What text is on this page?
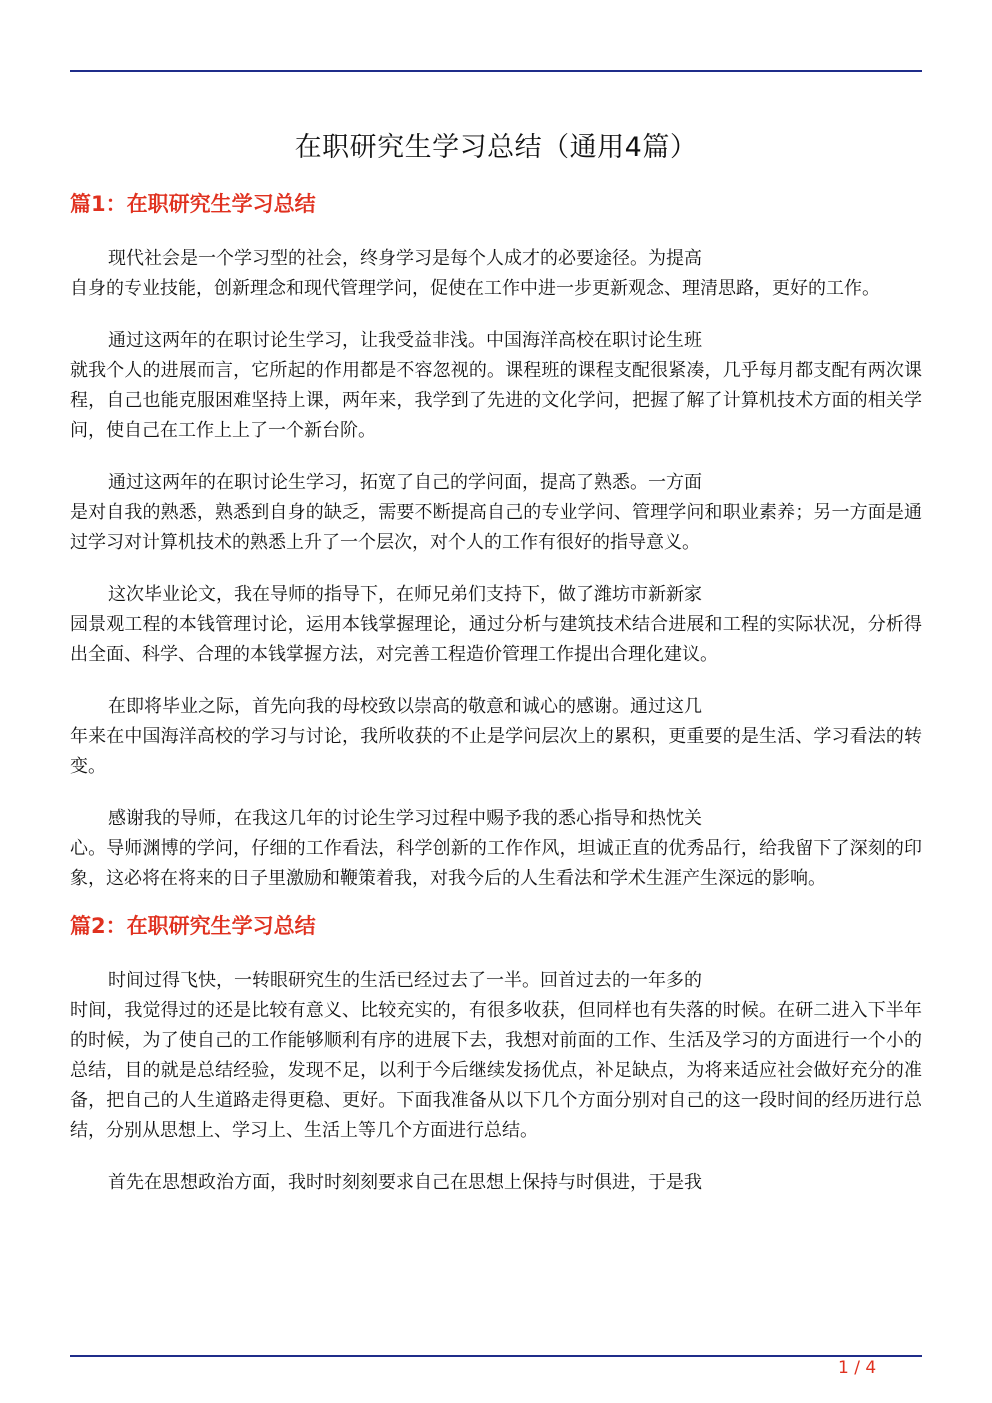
在职研究生学习总结（通用4篇）
篇1：在职研究生学习总结

现代社会是一个学习型的社会，终身学习是每个人成才的必要途径。为提高
自身的专业技能，创新理念和现代管理学问，促使在工作中进一步更新观念、理清思路，更好的工作。

通过这两年的在职讨论生学习，让我受益非浅。中国海洋高校在职讨论生班
就我个人的进展而言，它所起的作用都是不容忽视的。课程班的课程支配很紧凑，几乎每月都支配有两次课程，自己也能克服困难坚持上课，两年来，我学到了先进的文化学问，把握了解了计算机技术方面的相关学问，使自己在工作上上了一个新台阶。

通过这两年的在职讨论生学习，拓宽了自己的学问面，提高了熟悉。一方面
是对自我的熟悉，熟悉到自身的缺乏，需要不断提高自己的专业学问、管理学问和职业素养；另一方面是通过学习对计算机技术的熟悉上升了一个层次，对个人的工作有很好的指导意义。

这次毕业论文，我在导师的指导下，在师兄弟们支持下，做了潍坊市新新家
园景观工程的本钱管理讨论，运用本钱掌握理论，通过分析与建筑技术结合进展和工程的实际状况，分析得出全面、科学、合理的本钱掌握方法，对完善工程造价管理工作提出合理化建议。

在即将毕业之际，首先向我的母校致以崇高的敬意和诚心的感谢。通过这几
年来在中国海洋高校的学习与讨论，我所收获的不止是学问层次上的累积，更重要的是生活、学习看法的转变。

感谢我的导师，在我这几年的讨论生学习过程中赐予我的悉心指导和热忱关
心。导师渊博的学问，仔细的工作看法，科学创新的工作作风，坦诚正直的优秀品行，给我留下了深刻的印象，这必将在将来的日子里激励和鞭策着我，对我今后的人生看法和学术生涯产生深远的影响。

篇2：在职研究生学习总结

时间过得飞快，一转眼研究生的生活已经过去了一半。回首过去的一年多的
时间，我觉得过的还是比较有意义、比较充实的，有很多收获，但同样也有失落的时候。在研二进入下半年的时候，为了使自己的工作能够顺利有序的进展下去，我想对前面的工作、生活及学习的方面进行一个小的总结，目的就是总结经验，发现不足，以利于今后继续发扬优点，补足缺点，为将来适应社会做好充分的准备，把自己的人生道路走得更稳、更好。下面我准备从以下几个方面分别对自己的这一段时间的经历进行总结，分别从思想上、学习上、生活上等几个方面进行总结。

首先在思想政治方面，我时时刻刻要求自己在思想上保持与时俱进，于是我

1 / 4
